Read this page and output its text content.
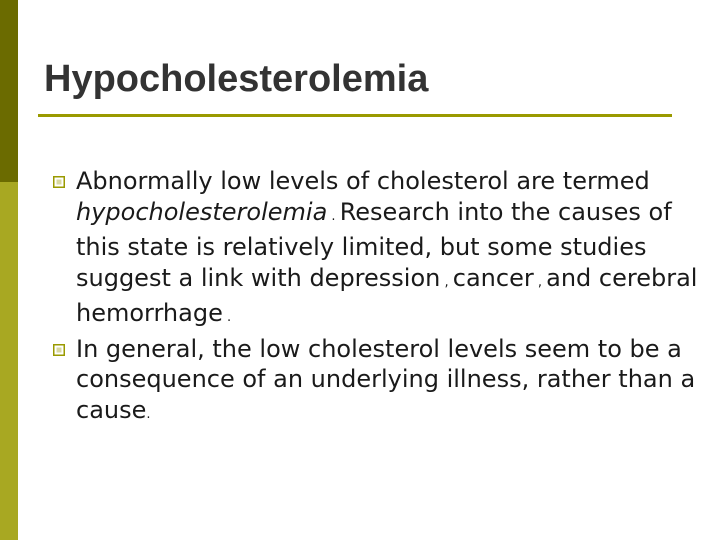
Hypocholesterolemia
Abnormally low levels of cholesterol are termed hypocholesterolemia . Research into the causes of this state is relatively limited, but some studies suggest a link with depression , cancer , and cerebral hemorrhage .
In general, the low cholesterol levels seem to be a consequence of an underlying illness, rather than a cause.
